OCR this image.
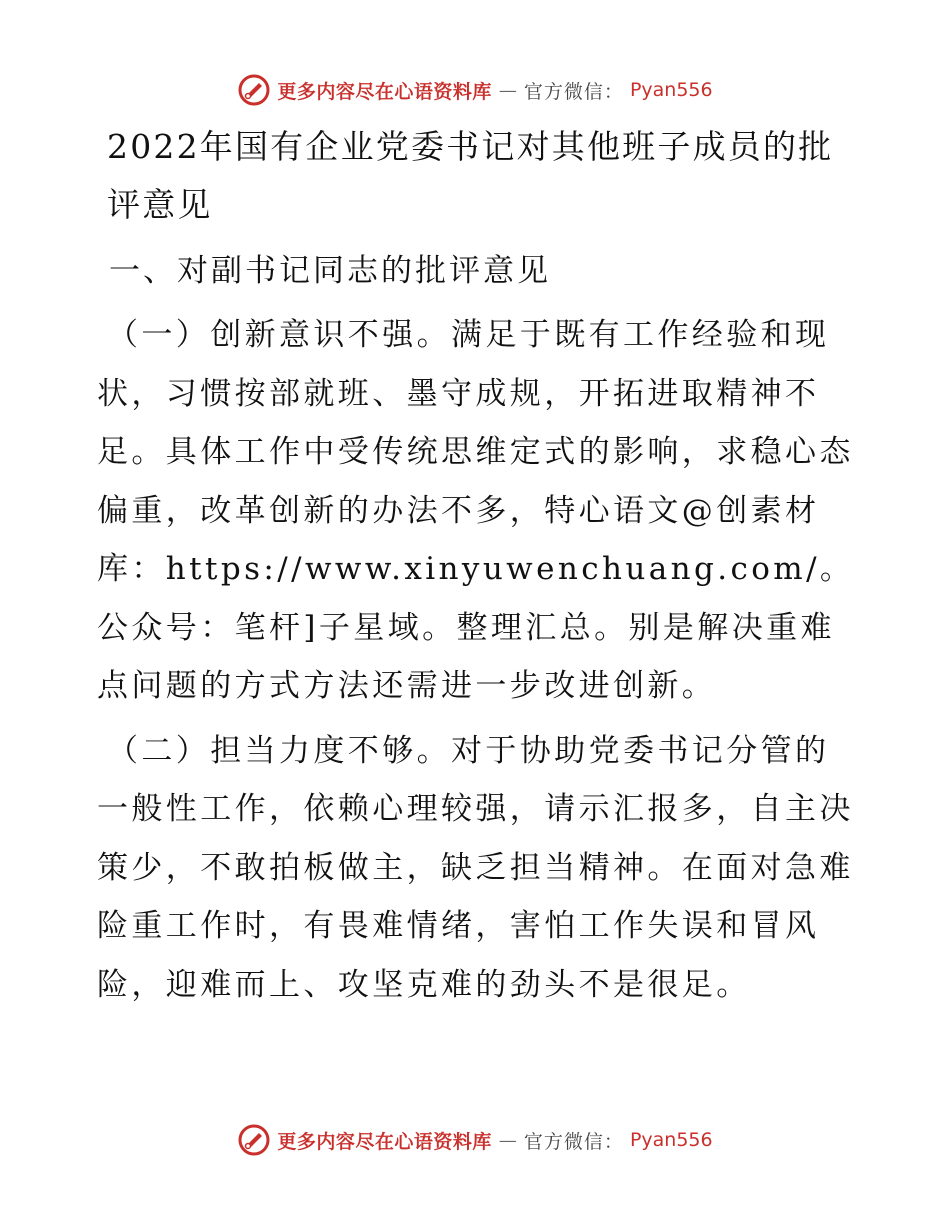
更多内容尽在心语资料库 — 官方微信： Pyan556
2022年国有企业党委书记对其他班子成员的批评意见
一、对副书记同志的批评意见

（一）创新意识不强。满足于既有工作经验和现状，习惯按部就班、墨守成规，开拓进取精神不足。具体工作中受传统思维定式的影响，求稳心态偏重，改革创新的办法不多，特心语文@创素材库：https://www.xinyuwenchuang.com/。公众号：笔杆]子星域。整理汇总。别是解决重难点问题的方式方法还需进一步改进创新。

（二）担当力度不够。对于协助党委书记分管的一般性工作，依赖心理较强，请示汇报多，自主决策少，不敢拍板做主，缺乏担当精神。在面对急难险重工作时，有畏难情绪，害怕工作失误和冒风险，迎难而上、攻坚克难的劲头不是很足。

更多内容尽在心语资料库 — 官方微信： Pyan556
